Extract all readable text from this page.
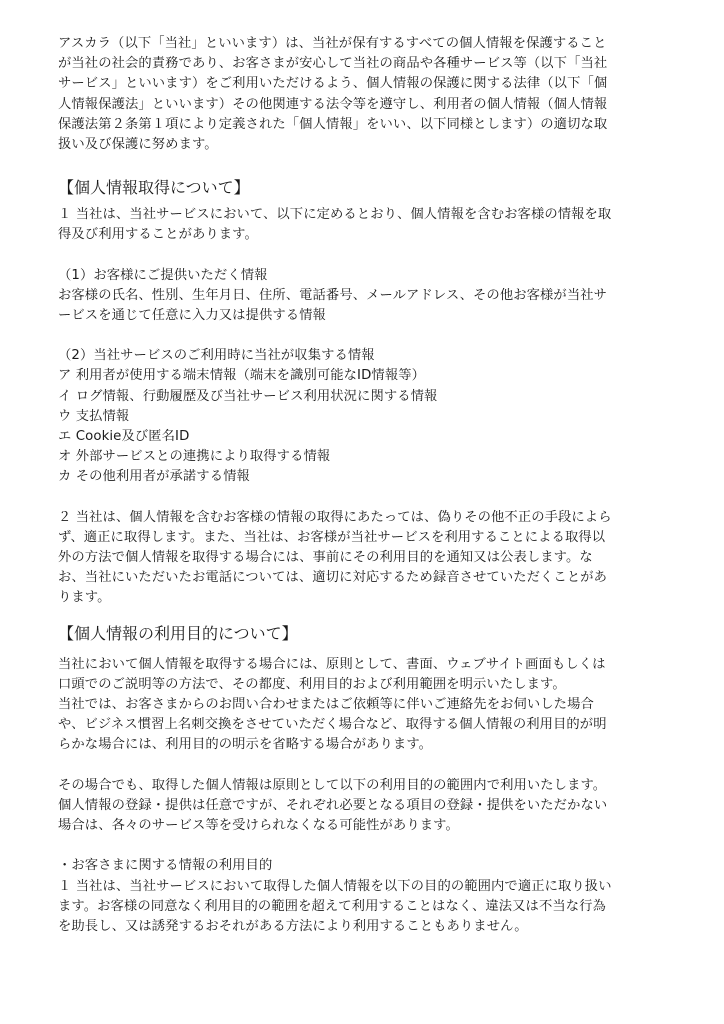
アスカラ（以下「当社」といいます）は、当社が保有するすべての個人情報を保護すること
が当社の社会的責務であり、お客さまが安心して当社の商品や各種サービス等（以下「当社
サービス」といいます）をご利用いただけるよう、個人情報の保護に関する法律（以下「個
人情報保護法」といいます）その他関連する法令等を遵守し、利用者の個人情報（個人情報
保護法第２条第１項により定義された「個人情報」をいい、以下同様とします）の適切な取
扱い及び保護に努めます。

【個人情報取得について】

１ 当社は、当社サービスにおいて、以下に定めるとおり、個人情報を含むお客様の情報を取
得及び利用することがあります。

（1）お客様にご提供いただく情報
お客様の氏名、性別、生年月日、住所、電話番号、メールアドレス、その他お客様が当社サ
ービスを通じて任意に入力又は提供する情報

（2）当社サービスのご利用時に当社が収集する情報
ア 利用者が使用する端末情報（端末を識別可能なID情報等）
イ ログ情報、行動履歴及び当社サービス利用状況に関する情報
ウ 支払情報
エ Cookie及び匿名ID
オ 外部サービスとの連携により取得する情報
カ その他利用者が承諾する情報

２ 当社は、個人情報を含むお客様の情報の取得にあたっては、偽りその他不正の手段によら
ず、適正に取得します。また、当社は、お客様が当社サービスを利用することによる取得以
外の方法で個人情報を取得する場合には、事前にその利用目的を通知又は公表します。な
お、当社にいただいたお電話については、適切に対応するため録音させていただくことがあ
ります。

【個人情報の利用目的について】

当社において個人情報を取得する場合には、原則として、書面、ウェブサイト画面もしくは
口頭でのご説明等の方法で、その都度、利用目的および利用範囲を明示いたします。
当社では、お客さまからのお問い合わせまたはご依頼等に伴いご連絡先をお伺いした場合
や、ビジネス慣習上名刺交換をさせていただく場合など、取得する個人情報の利用目的が明
らかな場合には、利用目的の明示を省略する場合があります。

その場合でも、取得した個人情報は原則として以下の利用目的の範囲内で利用いたします。
個人情報の登録・提供は任意ですが、それぞれ必要となる項目の登録・提供をいただかない
場合は、各々のサービス等を受けられなくなる可能性があります。

・お客さまに関する情報の利用目的
１ 当社は、当社サービスにおいて取得した個人情報を以下の目的の範囲内で適正に取り扱い
ます。お客様の同意なく利用目的の範囲を超えて利用することはなく、違法又は不当な行為
を助長し、又は誘発するおそれがある方法により利用することもありません。
